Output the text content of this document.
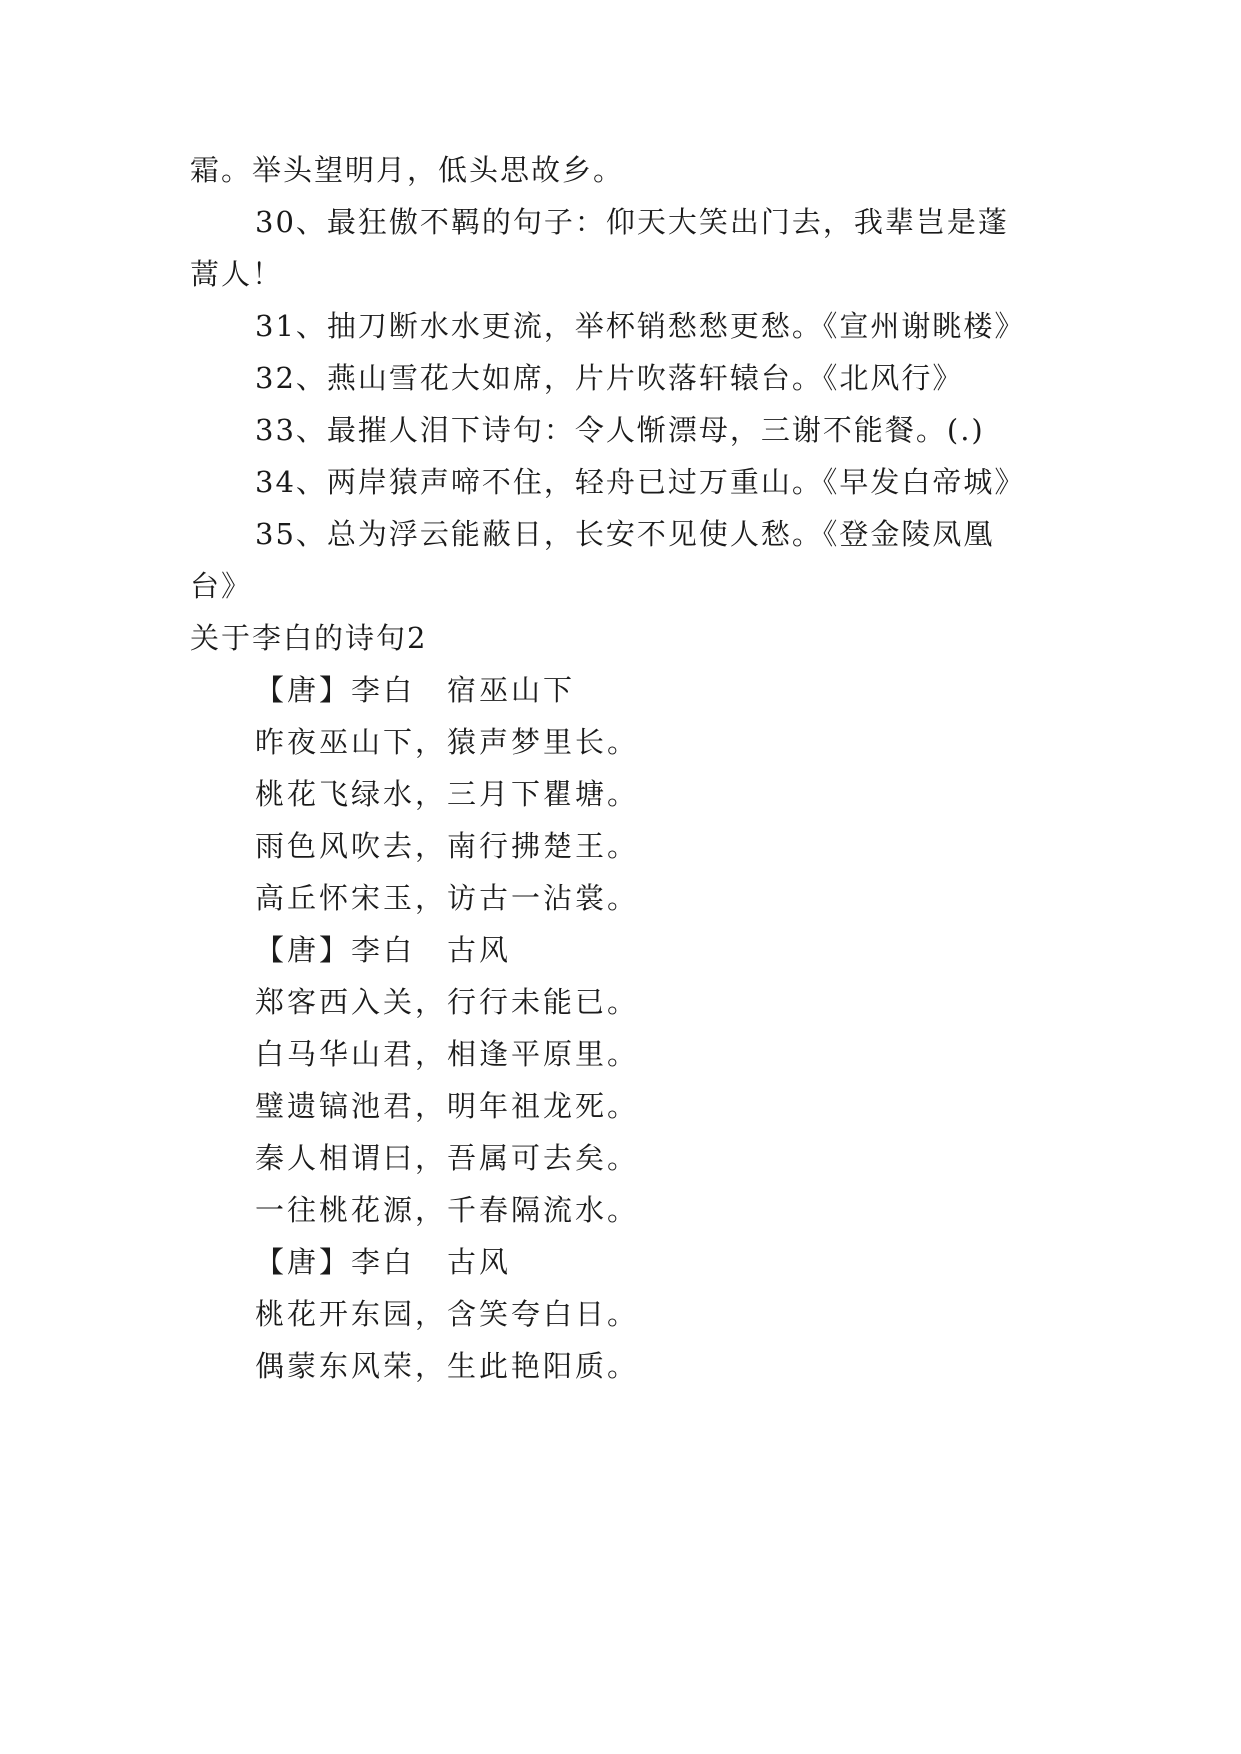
霜。举头望明月，低头思故乡。
30、最狂傲不羁的句子：仰天大笑出门去，我辈岂是蓬
蒿人！
31、抽刀断水水更流，举杯销愁愁更愁。《宣州谢眺楼》
32、燕山雪花大如席，片片吹落轩辕台。《北风行》
33、最摧人泪下诗句：令人惭漂母，三谢不能餐。(.)
34、两岸猿声啼不住，轻舟已过万重山。《早发白帝城》
35、总为浮云能蔽日，长安不见使人愁。《登金陵凤凰
台》
关于李白的诗句2
【唐】李白　宿巫山下
昨夜巫山下，猿声梦里长。
桃花飞绿水，三月下瞿塘。
雨色风吹去，南行拂楚王。
高丘怀宋玉，访古一沾裳。
【唐】李白　古风
郑客西入关，行行未能已。
白马华山君，相逢平原里。
璧遗镐池君，明年祖龙死。
秦人相谓曰，吾属可去矣。
一往桃花源，千春隔流水。
【唐】李白　古风
桃花开东园，含笑夸白日。
偶蒙东风荣，生此艳阳质。
